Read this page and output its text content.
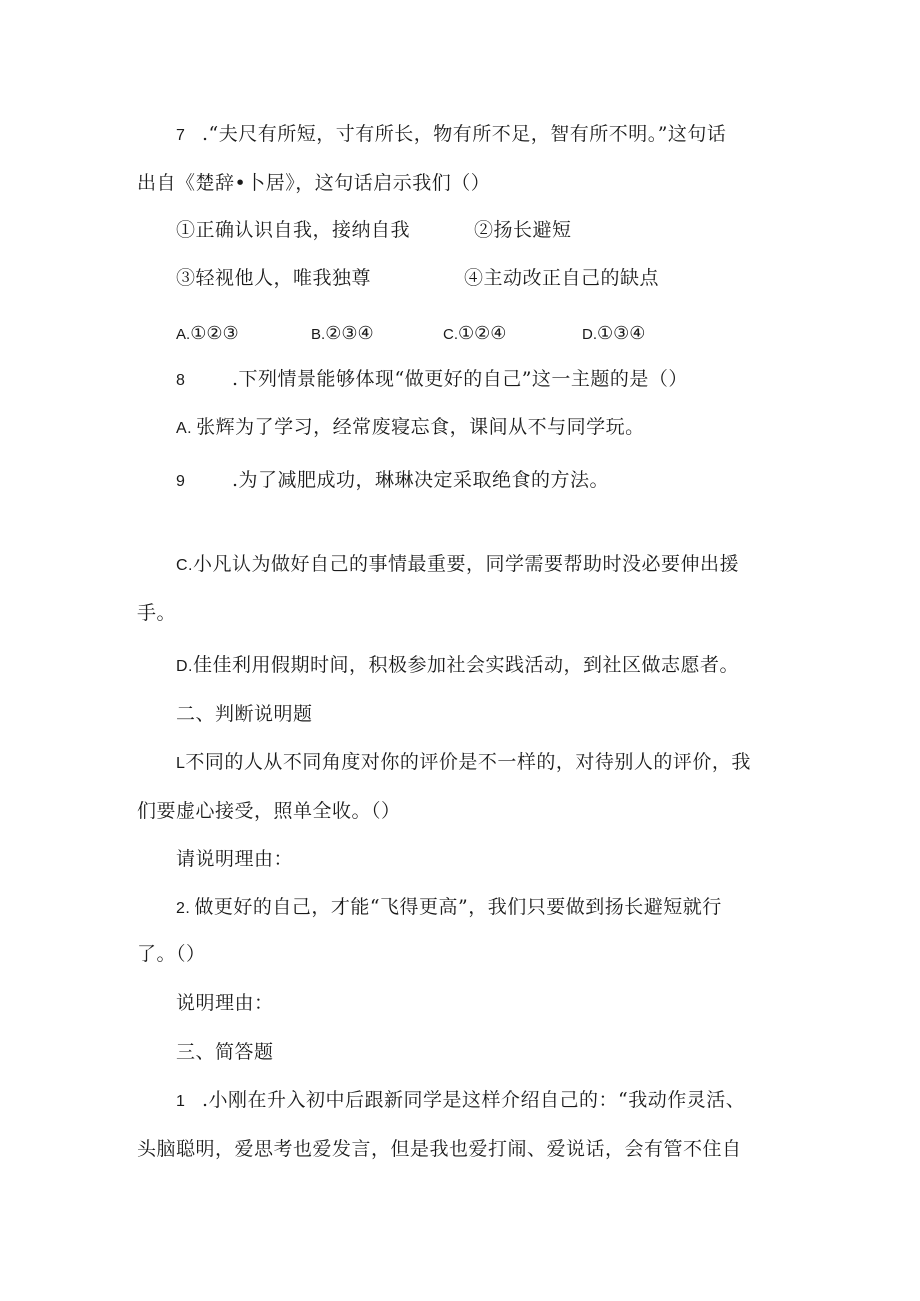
7 .“夫尺有所短，寸有所长，物有所不足，智有所不明。”这句话
出自《楚辞•卜居》，这句话启示我们（）
①正确认识自我，接纳自我	②扬长避短
③轻视他人，唯我独尊	④主动改正自己的缺点
A.①②③	B.②③④	C.①②④	D.①③④
8 .下列情景能够体现“做更好的自己”这一主题的是（）
A. 张辉为了学习，经常废寝忘食，课间从不与同学玩。
9 .为了减肥成功，琳琳决定采取绝食的方法。
C.小凡认为做好自己的事情最重要，同学需要帮助时没必要伸出援
手。
D.佳佳利用假期时间，积极参加社会实践活动，到社区做志愿者。
二、判断说明题
L不同的人从不同角度对你的评价是不一样的，对待别人的评价，我
们要虚心接受，照单全收。（）
请说明理由：
2. 做更好的自己，才能“飞得更高”，我们只要做到扬长避短就行
了。（）
说明理由：
三、简答题
1 .小刚在升入初中后跟新同学是这样介绍自己的：“我动作灵活、
头脑聪明，爱思考也爱发言，但是我也爱打闹、爱说话，会有管不住自
